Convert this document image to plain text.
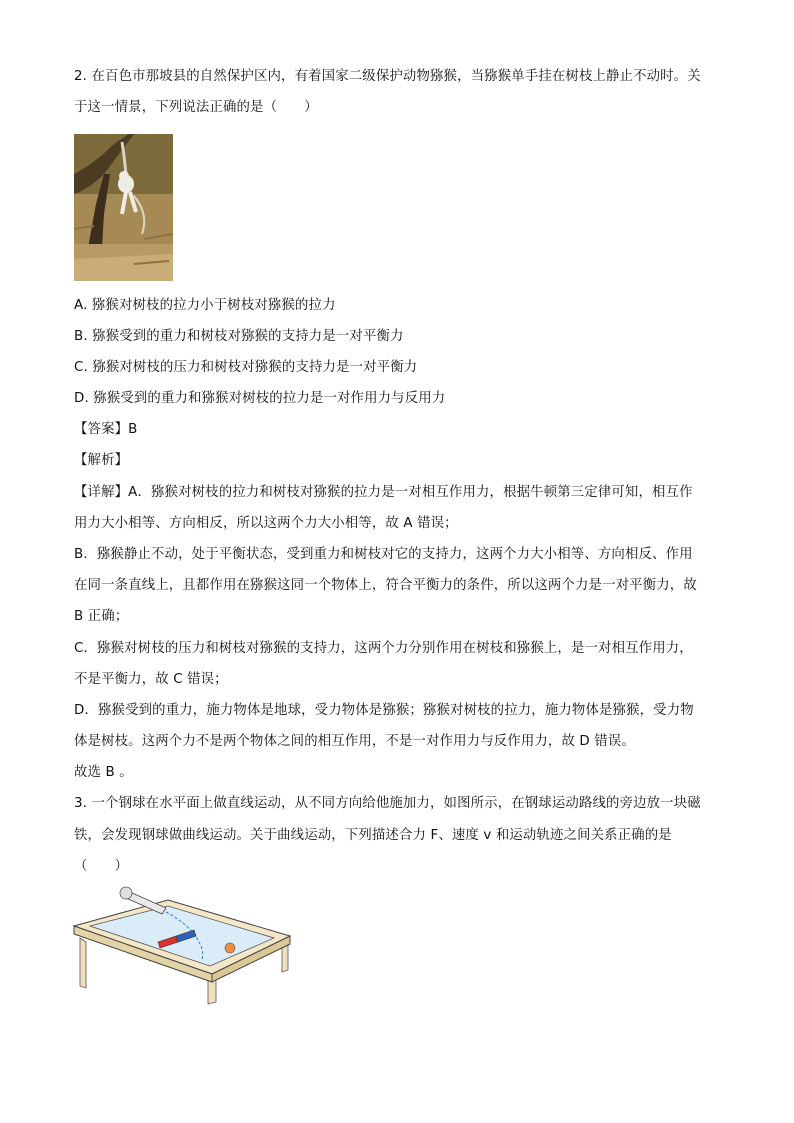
2. 在百色市那坡县的自然保护区内，有着国家二级保护动物猕猴，当猕猴单手挂在树枝上静止不动时。关
于这一情景，下列说法正确的是（　　）
A. 猕猴对树枝的拉力小于树枝对猕猴的拉力
B. 猕猴受到的重力和树枝对猕猴的支持力是一对平衡力
C. 猕猴对树枝的压力和树枝对猕猴的支持力是一对平衡力
D. 猕猴受到的重力和猕猴对树枝的拉力是一对作用力与反用力
【答案】B
【解析】
【详解】A．猕猴对树枝的拉力和树枝对猕猴的拉力是一对相互作用力，根据牛顿第三定律可知，相互作
用力大小相等、方向相反，所以这两个力大小相等，故 A 错误；
B．猕猴静止不动，处于平衡状态，受到重力和树枝对它的支持力，这两个力大小相等、方向相反、作用
在同一条直线上，且都作用在猕猴这同一个物体上，符合平衡力的条件，所以这两个力是一对平衡力，故
B 正确；
C．猕猴对树枝的压力和树枝对猕猴的支持力，这两个力分别作用在树枝和猕猴上，是一对相互作用力，
不是平衡力，故 C 错误；
D．猕猴受到的重力，施力物体是地球，受力物体是猕猴；猕猴对树枝的拉力，施力物体是猕猴，受力物
体是树枝。这两个力不是两个物体之间的相互作用，不是一对作用力与反作用力，故 D 错误。
故选 B 。
3. 一个钢球在水平面上做直线运动，从不同方向给他施加力，如图所示，在钢球运动路线的旁边放一块磁
铁，会发现钢球做曲线运动。关于曲线运动，下列描述合力 F、速度 v 和运动轨迹之间关系正确的是
（　　）
